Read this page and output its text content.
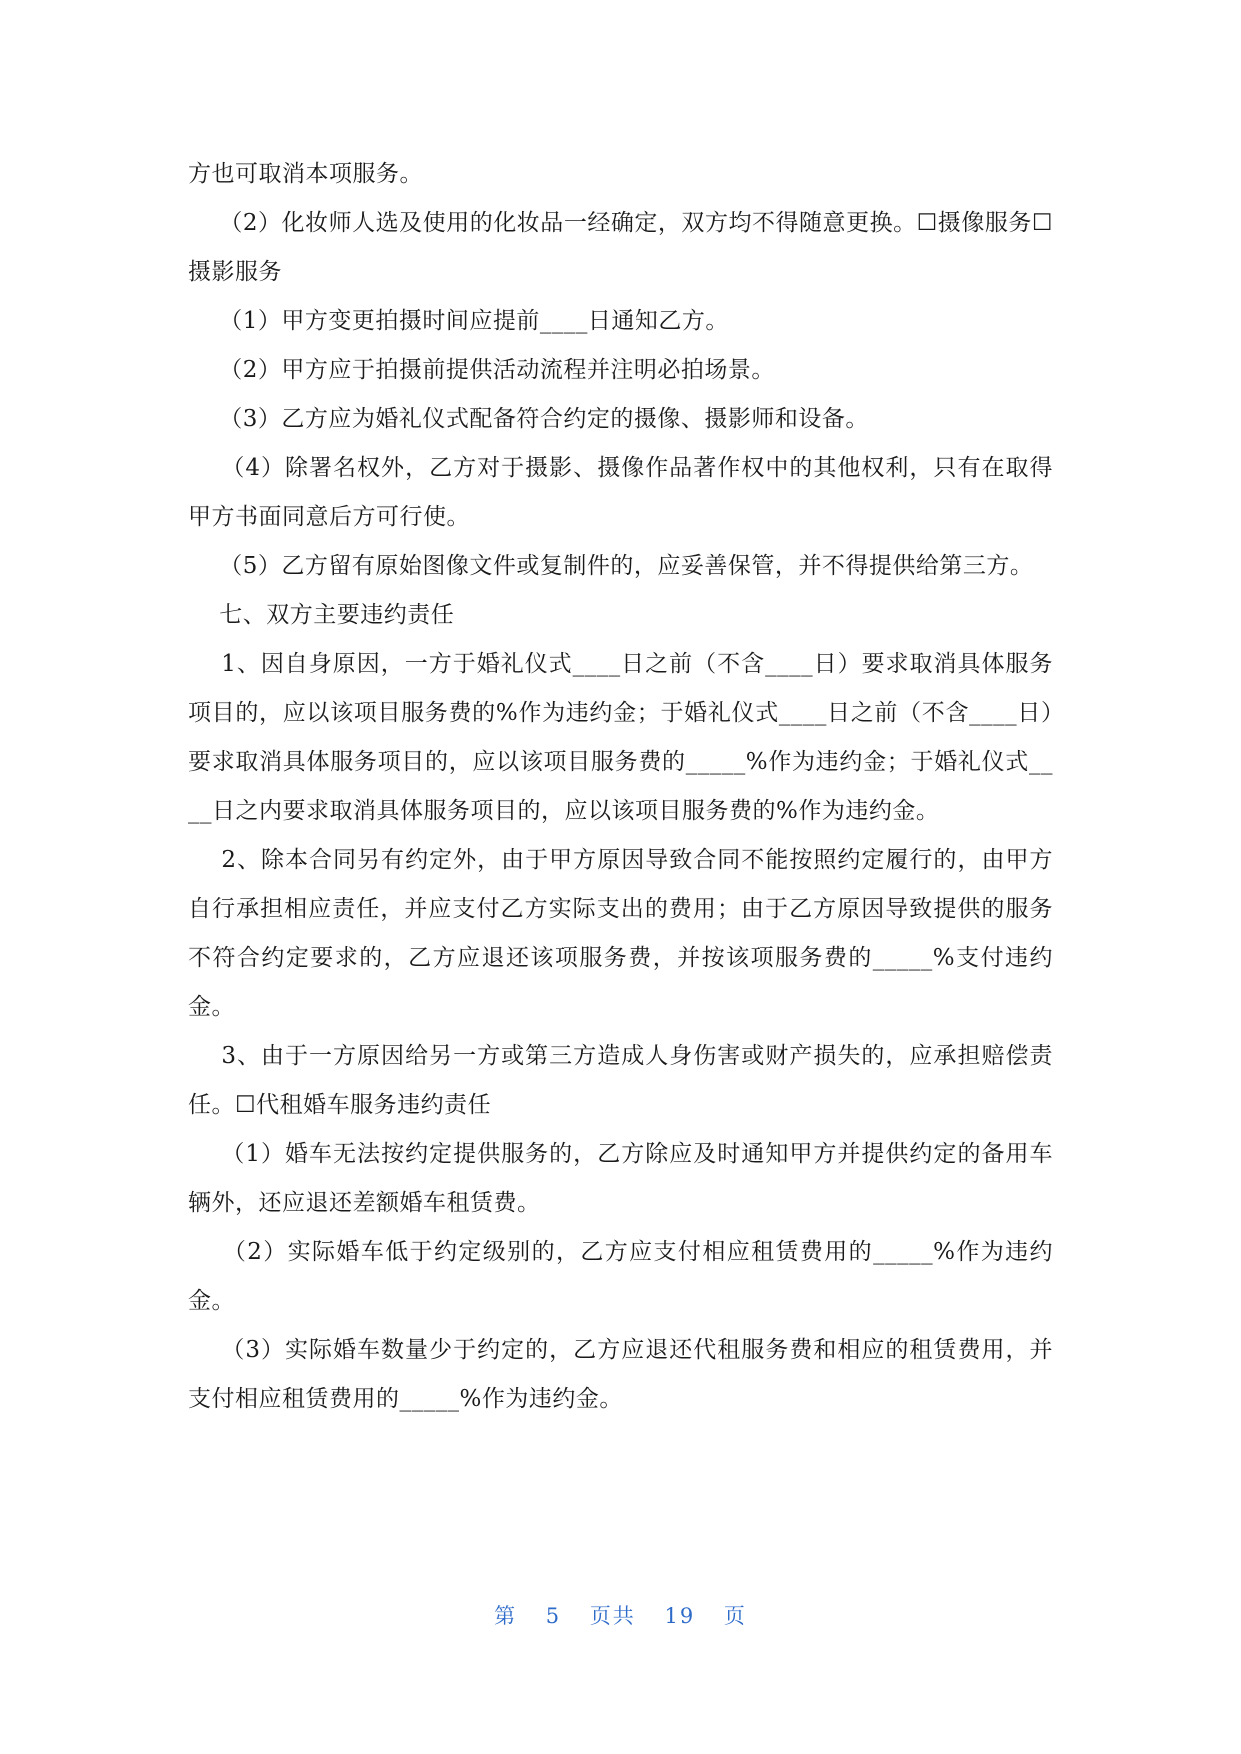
方也可取消本项服务。

（2）化妆师人选及使用的化妆品一经确定，双方均不得随意更换。☐摄像服务☐摄影服务

（1）甲方变更拍摄时间应提前____日通知乙方。

（2）甲方应于拍摄前提供活动流程并注明必拍场景。

（3）乙方应为婚礼仪式配备符合约定的摄像、摄影师和设备。

（4）除署名权外，乙方对于摄影、摄像作品著作权中的其他权利，只有在取得甲方书面同意后方可行使。

（5）乙方留有原始图像文件或复制件的，应妥善保管，并不得提供给第三方。

七、双方主要违约责任

1、因自身原因，一方于婚礼仪式____日之前（不含____日）要求取消具体服务项目的，应以该项目服务费的%作为违约金；于婚礼仪式____日之前（不含____日）要求取消具体服务项目的，应以该项目服务费的_____%作为违约金；于婚礼仪式____日之内要求取消具体服务项目的，应以该项目服务费的%作为违约金。

2、除本合同另有约定外，由于甲方原因导致合同不能按照约定履行的，由甲方自行承担相应责任，并应支付乙方实际支出的费用；由于乙方原因导致提供的服务不符合约定要求的，乙方应退还该项服务费，并按该项服务费的_____%支付违约金。

3、由于一方原因给另一方或第三方造成人身伤害或财产损失的，应承担赔偿责任。☐代租婚车服务违约责任

（1）婚车无法按约定提供服务的，乙方除应及时通知甲方并提供约定的备用车辆外，还应退还差额婚车租赁费。

（2）实际婚车低于约定级别的，乙方应支付相应租赁费用的_____%作为违约金。

（3）实际婚车数量少于约定的，乙方应退还代租服务费和相应的租赁费用，并支付相应租赁费用的_____%作为违约金。

第 5 页共 19 页
